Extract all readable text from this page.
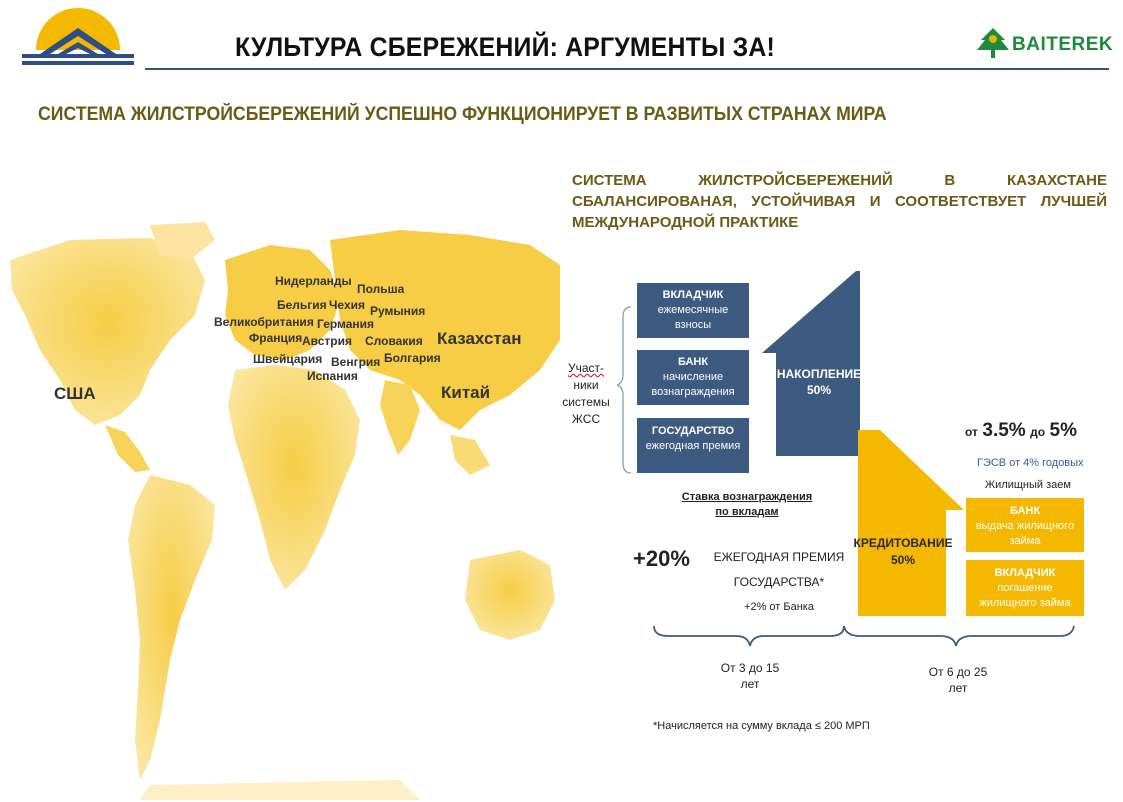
КУЛЬТУРА СБЕРЕЖЕНИЙ: АРГУМЕНТЫ ЗА!	BAITEREK
СИСТЕМА ЖИЛСТРОЙСБЕРЕЖЕНИЙ УСПЕШНО ФУНКЦИОНИРУЕТ В РАЗВИТЫХ СТРАНАХ МИРА
СИСТЕМА ЖИЛСТРОЙСБЕРЕЖЕНИЙ В КАЗАХСТАНЕ СБАЛАНСИРОВАНАЯ, УСТОЙЧИВАЯ И СООТВЕТСТВУЕТ ЛУЧШЕЙ МЕЖДУНАРОДНОЙ ПРАКТИКЕ
США
Нидерланды
Польша
Бельгия Чехия Румыния
Великобритания Германия
Франция Австрия Словакия Казахстан
Швейцария Венгрия Болгария
Испания
Китай
Участ-
ники
системы
ЖСС
ВКЛАДЧИК
ежемесячные
взносы
БАНК
начисление
вознаграждения
ГОСУДАРСТВО
ежегодная премия
НАКОПЛЕНИЕ
50%
КРЕДИТОВАНИЕ
50%
от 3.5% до 5%
ГЭСВ от 4% годовых
Жилищный заем
БАНК
выдача жилищного
займа
ВКЛАДЧИК
погашение
жилищного займа
Ставка вознаграждения
по вкладам
+20%	ЕЖЕГОДНАЯ ПРЕМИЯ
ГОСУДАРСТВА*
+2% от Банка
От 3 до 15
лет
От 6 до 25
лет
*Начисляется на сумму вклада ≤ 200 МРП
